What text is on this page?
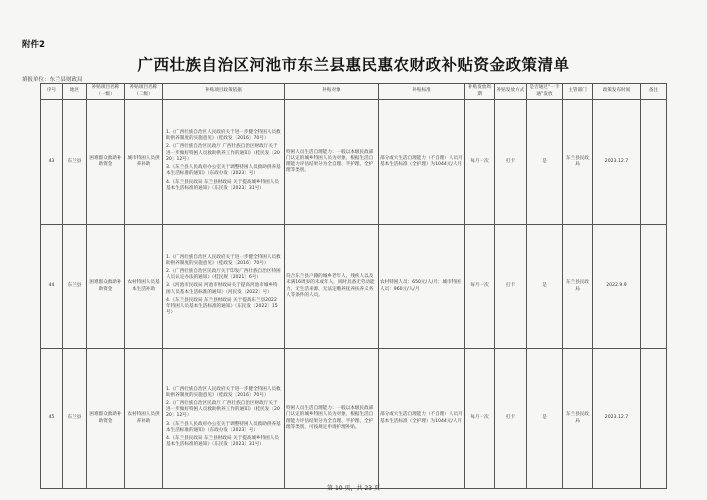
附件2
广西壮族自治区河池市东兰县惠民惠农财政补贴资金政策清单
填报单位：东兰县财政局
序号	地区	补贴项目名称（一级）	补贴项目名称（二级）	补贴项目政策依据	补贴对象	补贴标准	补贴发放周期	补贴发放方式	是否通过“一卡通”发放	主管部门	政策发布时间	备注
43	东兰县	困难群众救助补助资金	城市特困人员供养补助	1.《广西壮族自治区人民政府关于进一步健全特困人员救助供养制度的实施意见》（桂政发〔2016〕70号）
2.《广西壮族自治区民政厅 广西壮族自治区财政厅关于进一步做好特困人员救助供养工作的通知》（桂民发〔2020〕12号）
3.《东兰县人民政府办公室关于调整特困人员救助供养基本生活标准的通知》（东政办发〔2023〕号）
4.《东兰县民政局 东兰县财政局 关于提高城乡特困人员基本生活标准的通知》（东民发〔2023〕31号）	特困人员生活自理能力：一般以本级民政部门认定的城乡特困人员为对象，根据生活自理能力评估结果分为全自理、半护理、全护理等类别。	部分或大生活自理能力（不自理）人员月基本生活标准（全护理）为1044元/人月	每月一次	打卡	是	东兰县民政局	2023.12.7	
44	东兰县	困难群众救助补助资金	农村特困人员基本生活补助	1.《广西壮族自治区人民政府关于进一步健全特困人员救助供养制度的实施意见》（桂政发〔2016〕70号）
2.《广西壮族自治区民政厅关于印发广西壮族自治区特困人员认定办法的通知》（桂民规〔2021〕6号）
3.《河池市民政局 河池市财政局关于提高河池市城乡特困人员基本生活标准的通知》（河民发〔2022〕号）
4.《东兰县民政局 东兰县财政局 关于提高东兰县2022年特困人员基本生活标准的通知》（东民发〔2022〕15号）	符合东兰县户籍的城乡老年人、残疾人以及未满16周岁的未成年人，同时具备无劳动能力、无生活来源、无法定赡养抚养扶养义务人等条件的人员。	农村特困人员：650元/人/月；城市特困人员：960元/人/月	每月一次	打卡	是	东兰县民政局	2022.9.9	
45	东兰县	困难群众救助补助资金	农村特困人员供养补助	1.《广西壮族自治区人民政府关于进一步健全特困人员救助供养制度的实施意见》（桂政发〔2016〕70号）
2.《广西壮族自治区民政厅 广西壮族自治区财政厅关于进一步做好特困人员救助供养工作的通知》（桂民发〔2020〕12号）
3.《东兰县人民政府办公室关于调整特困人员救助供养基本生活标准的通知》（东政办发〔2023〕号）
4.《东兰县民政局 东兰县财政局 关于提高城乡特困人员基本生活标准的通知》（东民发〔2023〕31号）	特困人员生活自理能力：一般以本级民政部门认定的城乡特困人员为对象，根据生活自理能力评估结果分为全自理、半护理、全护理等类别，可按规定申请护理补贴。	部分或大生活自理能力（不自理）人员月基本生活标准（全护理）为1044元/人月	每月一次	打卡	是	东兰县民政局	2023.12.7	
第 10 页，共 23 页
